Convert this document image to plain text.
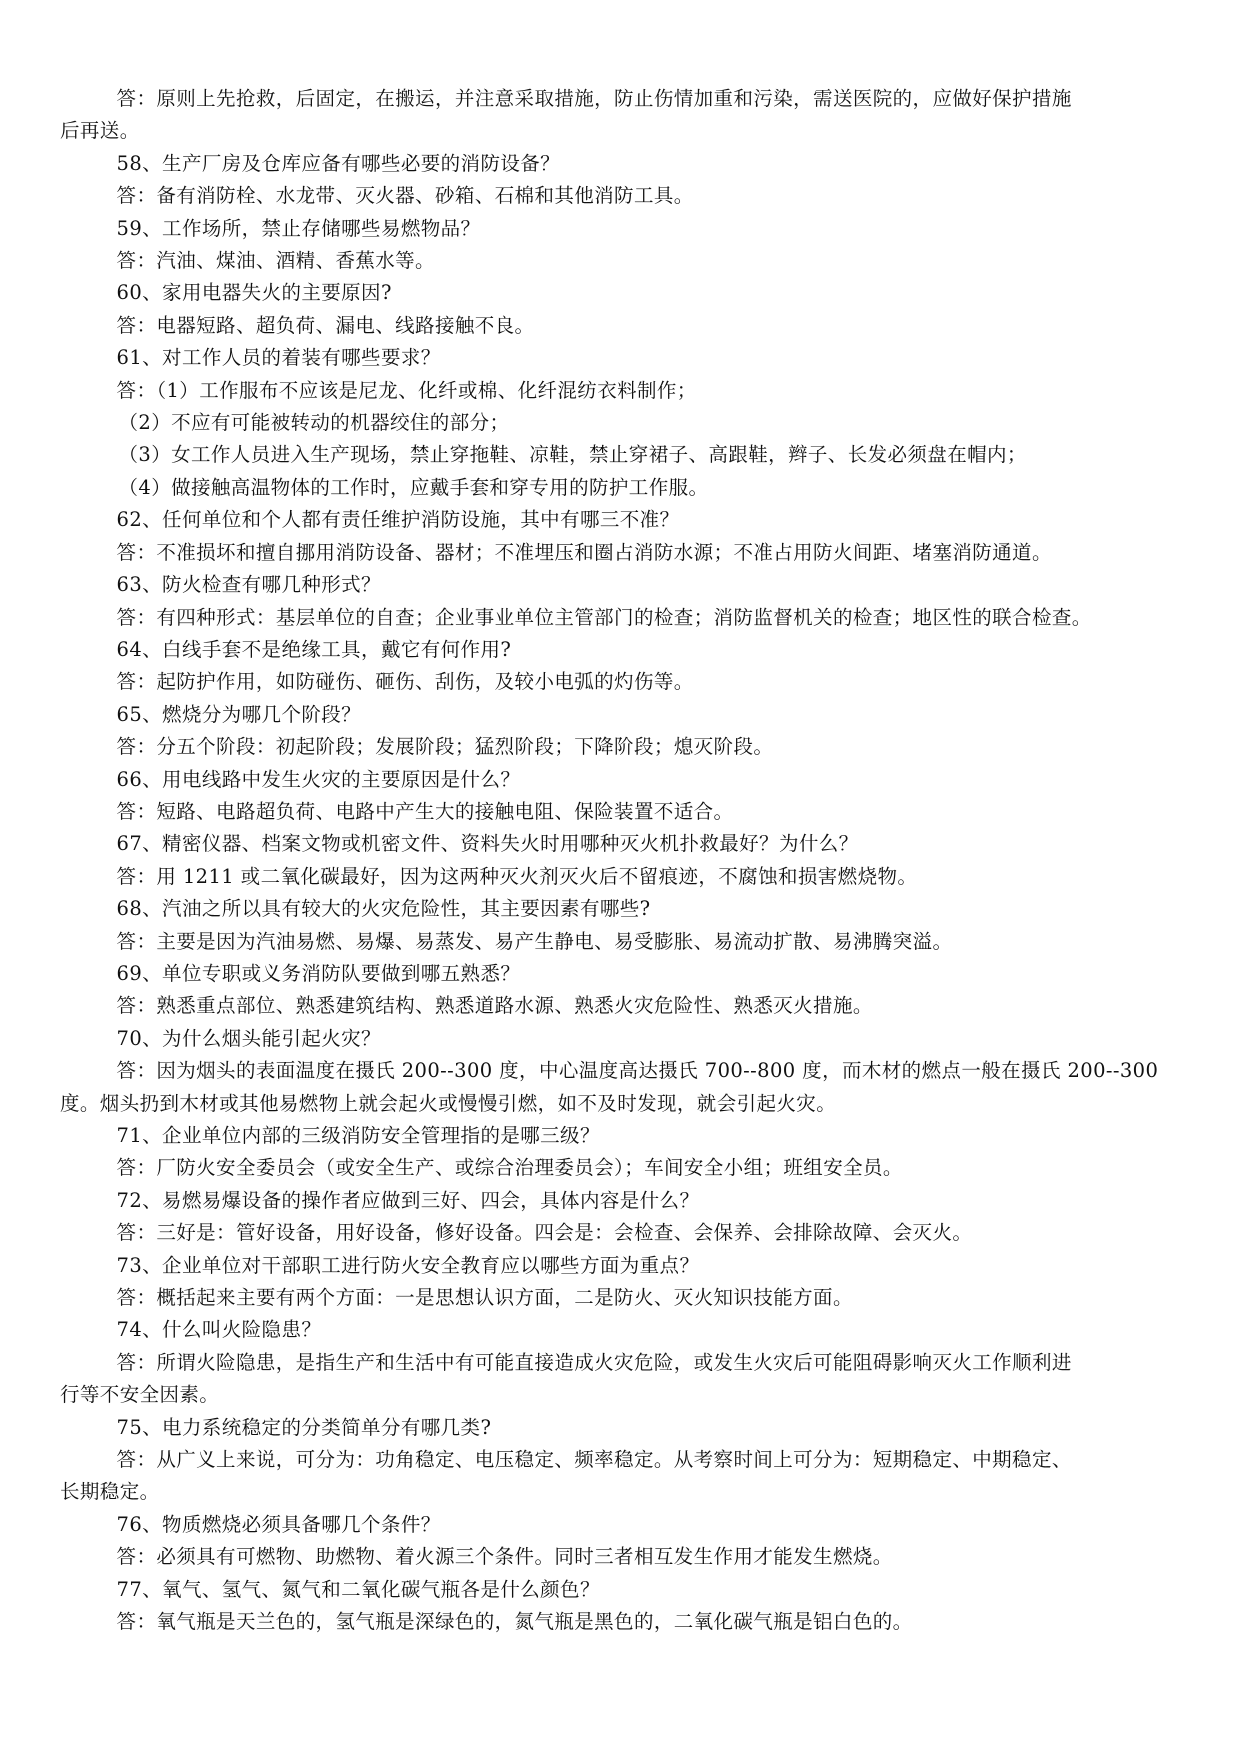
答：原则上先抢救，后固定，在搬运，并注意采取措施，防止伤情加重和污染，需送医院的，应做好保护措施
后再送。
58、生产厂房及仓库应备有哪些必要的消防设备？
答：备有消防栓、水龙带、灭火器、砂箱、石棉和其他消防工具。
59、工作场所，禁止存储哪些易燃物品？
答：汽油、煤油、酒精、香蕉水等。
60、家用电器失火的主要原因?
答：电器短路、超负荷、漏电、线路接触不良。
61、对工作人员的着装有哪些要求？
答：（1）工作服布不应该是尼龙、化纤或棉、化纤混纺衣料制作；
（2）不应有可能被转动的机器绞住的部分；
（3）女工作人员进入生产现场，禁止穿拖鞋、凉鞋，禁止穿裙子、高跟鞋，辫子、长发必须盘在帽内；
（4）做接触高温物体的工作时，应戴手套和穿专用的防护工作服。
62、任何单位和个人都有责任维护消防设施，其中有哪三不准？
答：不准损坏和擅自挪用消防设备、器材；不准埋压和圈占消防水源；不准占用防火间距、堵塞消防通道。
63、防火检查有哪几种形式？
答：有四种形式：基层单位的自查；企业事业单位主管部门的检查；消防监督机关的检查；地区性的联合检查。
64、白线手套不是绝缘工具，戴它有何作用?
答：起防护作用，如防碰伤、砸伤、刮伤，及较小电弧的灼伤等。
65、燃烧分为哪几个阶段？
答：分五个阶段：初起阶段；发展阶段；猛烈阶段；下降阶段；熄灭阶段。
66、用电线路中发生火灾的主要原因是什么？
答：短路、电路超负荷、电路中产生大的接触电阻、保险装置不适合。
67、精密仪器、档案文物或机密文件、资料失火时用哪种灭火机扑救最好？为什么？
答：用 1211 或二氧化碳最好，因为这两种灭火剂灭火后不留痕迹，不腐蚀和损害燃烧物。
68、汽油之所以具有较大的火灾危险性，其主要因素有哪些?
答：主要是因为汽油易燃、易爆、易蒸发、易产生静电、易受膨胀、易流动扩散、易沸腾突溢。
69、单位专职或义务消防队要做到哪五熟悉？
答：熟悉重点部位、熟悉建筑结构、熟悉道路水源、熟悉火灾危险性、熟悉灭火措施。
70、为什么烟头能引起火灾？
答：因为烟头的表面温度在摄氏 200--300 度，中心温度高达摄氏 700--800 度，而木材的燃点一般在摄氏 200--300
度。烟头扔到木材或其他易燃物上就会起火或慢慢引燃，如不及时发现，就会引起火灾。
71、企业单位内部的三级消防安全管理指的是哪三级？
答：厂防火安全委员会（或安全生产、或综合治理委员会）；车间安全小组；班组安全员。
72、易燃易爆设备的操作者应做到三好、四会，具体内容是什么？
答：三好是：管好设备，用好设备，修好设备。四会是：会检查、会保养、会排除故障、会灭火。
73、企业单位对干部职工进行防火安全教育应以哪些方面为重点？
答：概括起来主要有两个方面：一是思想认识方面，二是防火、灭火知识技能方面。
74、什么叫火险隐患？
答：所谓火险隐患，是指生产和生活中有可能直接造成火灾危险，或发生火灾后可能阻碍影响灭火工作顺利进
行等不安全因素。
75、电力系统稳定的分类简单分有哪几类?
答：从广义上来说，可分为：功角稳定、电压稳定、频率稳定。从考察时间上可分为：短期稳定、中期稳定、
长期稳定。
76、物质燃烧必须具备哪几个条件？
答：必须具有可燃物、助燃物、着火源三个条件。同时三者相互发生作用才能发生燃烧。
77、氧气、氢气、氮气和二氧化碳气瓶各是什么颜色？
答：氧气瓶是天兰色的，氢气瓶是深绿色的，氮气瓶是黑色的，二氧化碳气瓶是铝白色的。
